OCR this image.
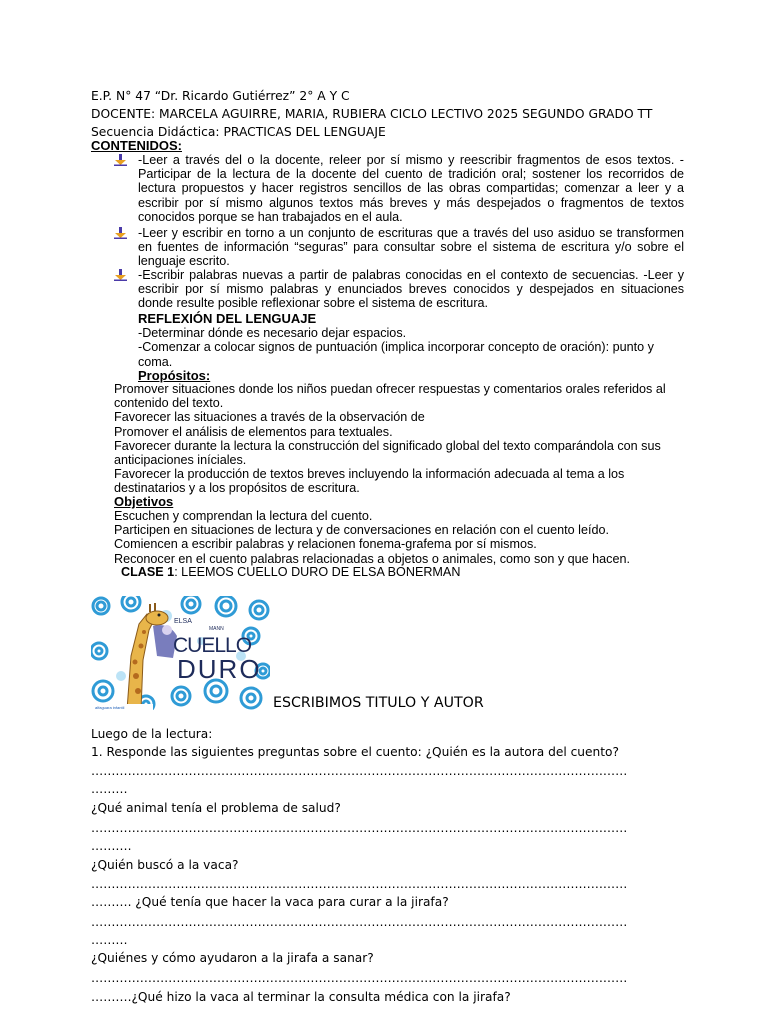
E.P. N° 47 “Dr. Ricardo Gutiérrez” 2° A Y C
DOCENTE: MARCELA AGUIRRE, MARIA, RUBIERA CICLO LECTIVO 2025 SEGUNDO GRADO TT
Secuencia Didáctica: PRACTICAS DEL LENGUAJE
CONTENIDOS:
-Leer a través del o la docente, releer por sí mismo y reescribir fragmentos de esos textos. -Participar de la lectura de la docente del cuento de tradición oral; sostener los recorridos de lectura propuestos y hacer registros sencillos de las obras compartidas; comenzar a leer y a escribir por sí mismo algunos textos más breves y más despejados o fragmentos de textos conocidos porque se han trabajados en el aula.
-Leer y escribir en torno a un conjunto de escrituras que a través del uso asiduo se transformen en fuentes de información “seguras” para consultar sobre el sistema de escritura y/o sobre el lenguaje escrito.
-Escribir palabras nuevas a partir de palabras conocidas en el contexto de secuencias. -Leer y escribir por sí mismo palabras y enunciados breves conocidos y despejados en situaciones donde resulte posible reflexionar sobre el sistema de escritura.
REFLEXIÓN DEL LENGUAJE
-Determinar dónde es necesario dejar espacios.
-Comenzar a colocar signos de puntuación (implica incorporar concepto de oración): punto y coma.
Propósitos:
Promover situaciones donde los niños puedan ofrecer respuestas y comentarios orales referidos al contenido del texto.
Favorecer las situaciones a través de la observación de
Promover el análisis de elementos para textuales.
Favorecer durante la lectura la construcción del significado global del texto comparándola con sus anticipaciones iníciales.
Favorecer la producción de textos breves incluyendo la información adecuada al tema a los destinatarios y a los propósitos de escritura.
Objetivos
Escuchen y comprendan la lectura del cuento.
Participen en situaciones de lectura y de conversaciones en relación con el cuento leído.
Comiencen a escribir palabras y relacionen fonema-grafema por sí mismos.
Reconocer en el cuento palabras relacionadas a objetos o animales, como son y que hacen.
CLASE 1: LEEMOS CUELLO DURO DE ELSA BONERMAN
ELSA
MANN
CUELLO
DURO
alfaguara infantil	ESCRIBIMOS TITULO Y AUTOR
Luego de la lectura:
1. Responde las siguientes preguntas sobre el cuento: ¿Quién es la autora del cuento?
……………………………………………………………………………………………………………………
………
¿Qué animal tenía el problema de salud?
……………………………………………………………………………………………………………………
……….
¿Quién buscó a la vaca?
……………………………………………………………………………………………………………………
………. ¿Qué tenía que hacer la vaca para curar a la jirafa?
……………………………………………………………………………………………………………………
………
¿Quiénes y cómo ayudaron a la jirafa a sanar?
……………………………………………………………………………………………………………………
……….¿Qué hizo la vaca al terminar la consulta médica con la jirafa?
